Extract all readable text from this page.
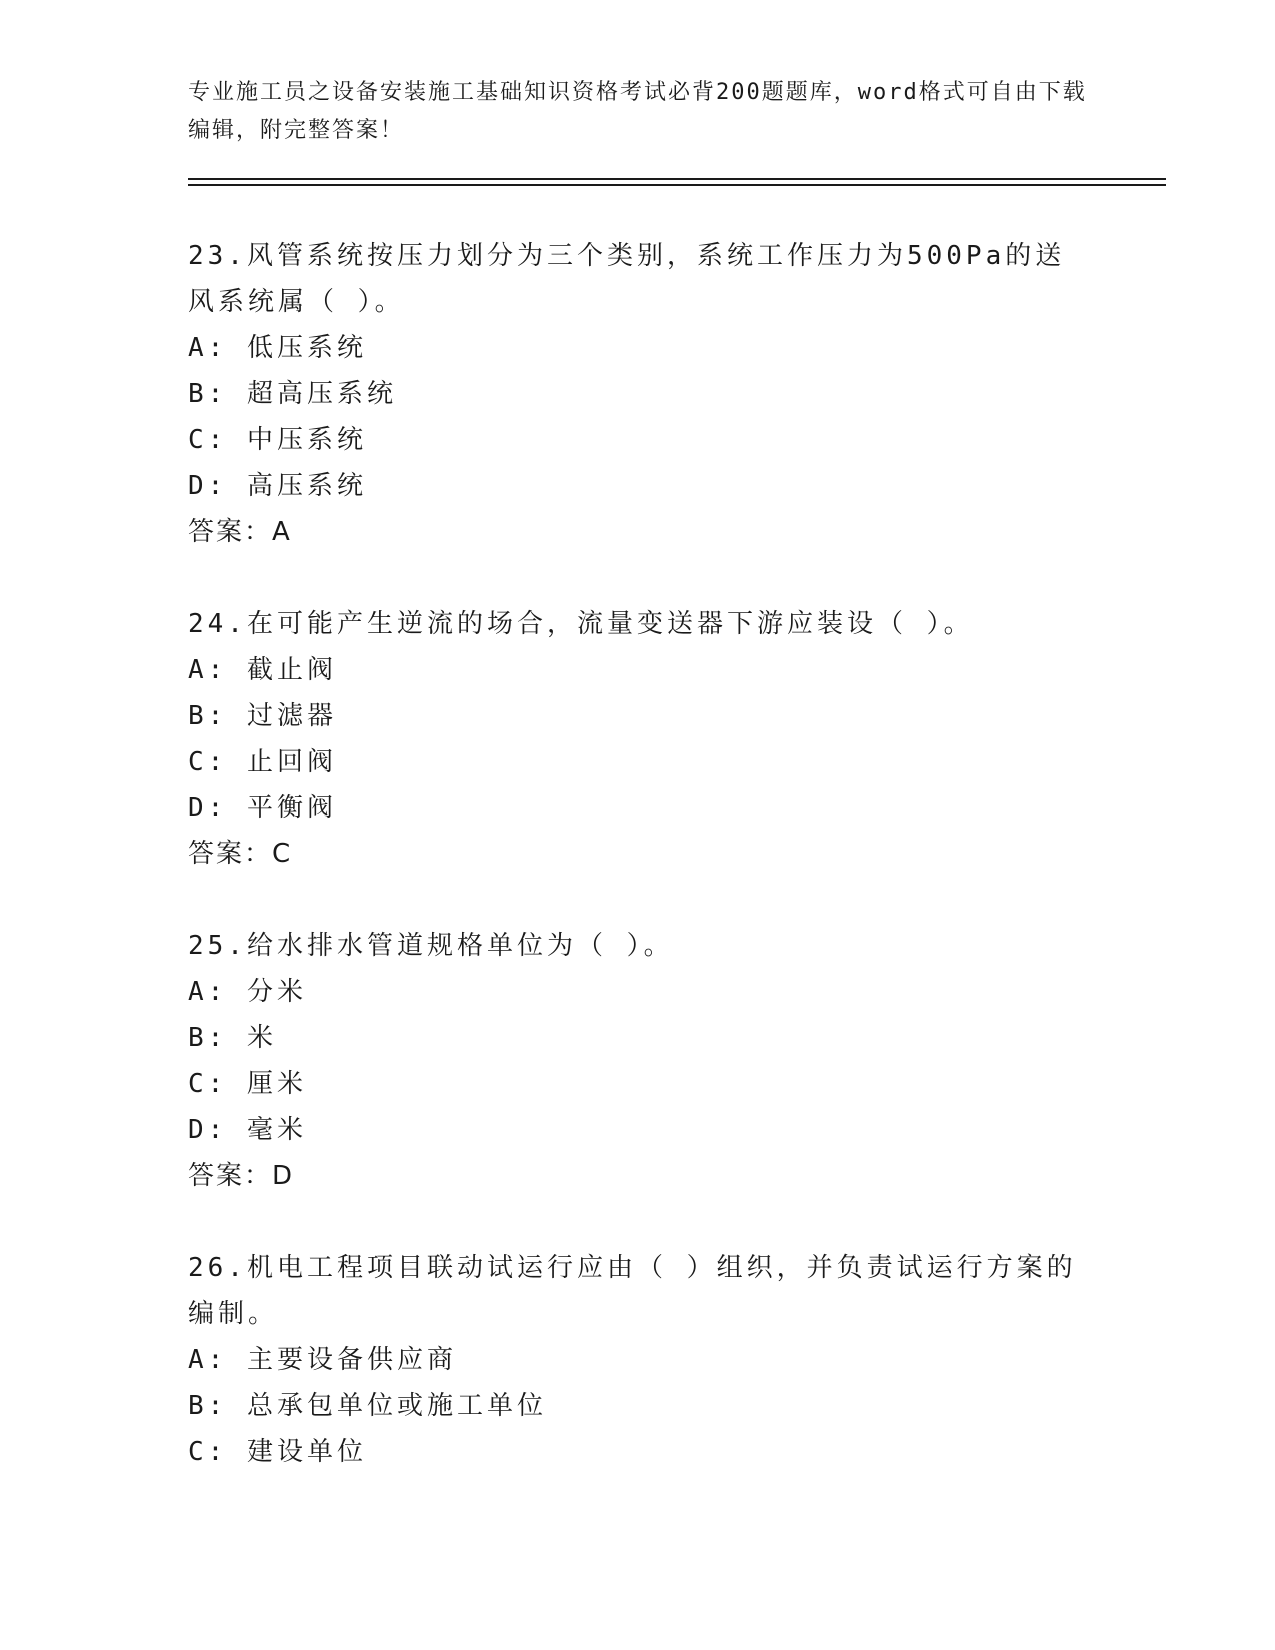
专业施工员之设备安装施工基础知识资格考试必背200题题库，word格式可自由下载编辑，附完整答案！
23.风管系统按压力划分为三个类别，系统工作压力为500Pa的送风系统属（ ）。
A: 低压系统
B: 超高压系统
C: 中压系统
D: 高压系统
答案：A
24.在可能产生逆流的场合，流量变送器下游应装设（ ）。
A: 截止阀
B: 过滤器
C: 止回阀
D: 平衡阀
答案：C
25.给水排水管道规格单位为（ ）。
A: 分米
B: 米
C: 厘米
D: 毫米
答案：D
26.机电工程项目联动试运行应由（ ）组织，并负责试运行方案的编制。
A: 主要设备供应商
B: 总承包单位或施工单位
C: 建设单位
